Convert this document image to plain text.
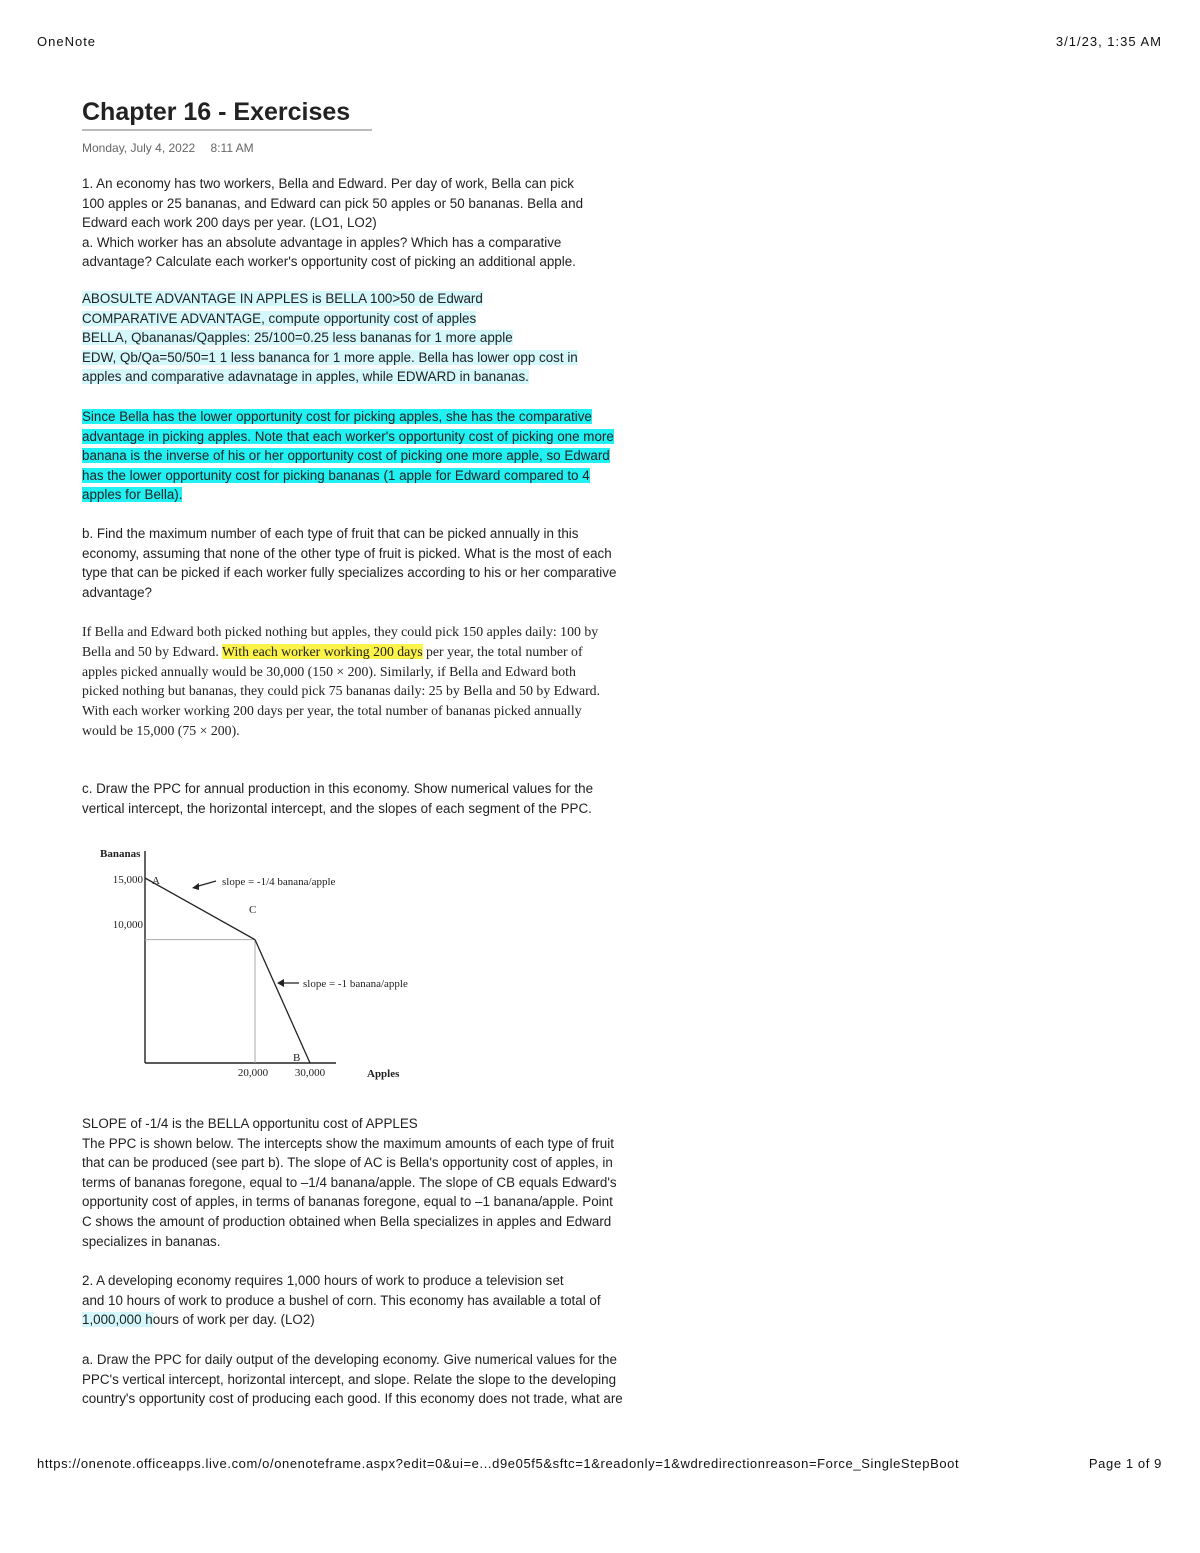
OneNote	3/1/23, 1:35 AM
Chapter 16 - Exercises
Monday, July 4, 2022 8:11 AM
1. An economy has two workers, Bella and Edward. Per day of work, Bella can pick
100 apples or 25 bananas, and Edward can pick 50 apples or 50 bananas. Bella and
Edward each work 200 days per year. (LO1, LO2)
a. Which worker has an absolute advantage in apples? Which has a comparative
advantage? Calculate each worker's opportunity cost of picking an additional apple.
ABOSULTE ADVANTAGE IN APPLES is BELLA 100>50 de Edward
COMPARATIVE ADVANTAGE, compute opportunity cost of apples
BELLA, Qbananas/Qapples: 25/100=0.25 less bananas for 1 more apple
EDW, Qb/Qa=50/50=1 1 less bananca for 1 more apple. Bella has lower opp cost in
apples and comparative adavnatage in apples, while EDWARD in bananas.
Since Bella has the lower opportunity cost for picking apples, she has the comparative
advantage in picking apples. Note that each worker's opportunity cost of picking one more
banana is the inverse of his or her opportunity cost of picking one more apple, so Edward
has the lower opportunity cost for picking bananas (1 apple for Edward compared to 4
apples for Bella).
b. Find the maximum number of each type of fruit that can be picked annually in this
economy, assuming that none of the other type of fruit is picked. What is the most of each
type that can be picked if each worker fully specializes according to his or her comparative
advantage?
If Bella and Edward both picked nothing but apples, they could pick 150 apples daily: 100 by
Bella and 50 by Edward. With each worker working 200 days per year, the total number of
apples picked annually would be 30,000 (150 × 200). Similarly, if Bella and Edward both
picked nothing but bananas, they could pick 75 bananas daily: 25 by Bella and 50 by Edward.
With each worker working 200 days per year, the total number of bananas picked annually
would be 15,000 (75 × 200).
c. Draw the PPC for annual production in this economy. Show numerical values for the
vertical intercept, the horizontal intercept, and the slopes of each segment of the PPC.
Bananas
Apples
15,000
10,000
20,000 30,000
A
C
B
slope = -1/4 banana/apple
slope = -1 banana/apple
SLOPE of -1/4 is the BELLA opportunitu cost of APPLES
The PPC is shown below. The intercepts show the maximum amounts of each type of fruit
that can be produced (see part b). The slope of AC is Bella's opportunity cost of apples, in
terms of bananas foregone, equal to –1/4 banana/apple. The slope of CB equals Edward's
opportunity cost of apples, in terms of bananas foregone, equal to –1 banana/apple. Point
C shows the amount of production obtained when Bella specializes in apples and Edward
specializes in bananas.
2. A developing economy requires 1,000 hours of work to produce a television set
and 10 hours of work to produce a bushel of corn. This economy has available a total of
1,000,000 hours of work per day. (LO2)
a. Draw the PPC for daily output of the developing economy. Give numerical values for the
PPC's vertical intercept, horizontal intercept, and slope. Relate the slope to the developing
country's opportunity cost of producing each good. If this economy does not trade, what are
https://onenote.officeapps.live.com/o/onenoteframe.aspx?edit=0&ui=e...d9e05f5&sftc=1&readonly=1&wdredirectionreason=Force_SingleStepBoot	Page 1 of 9
